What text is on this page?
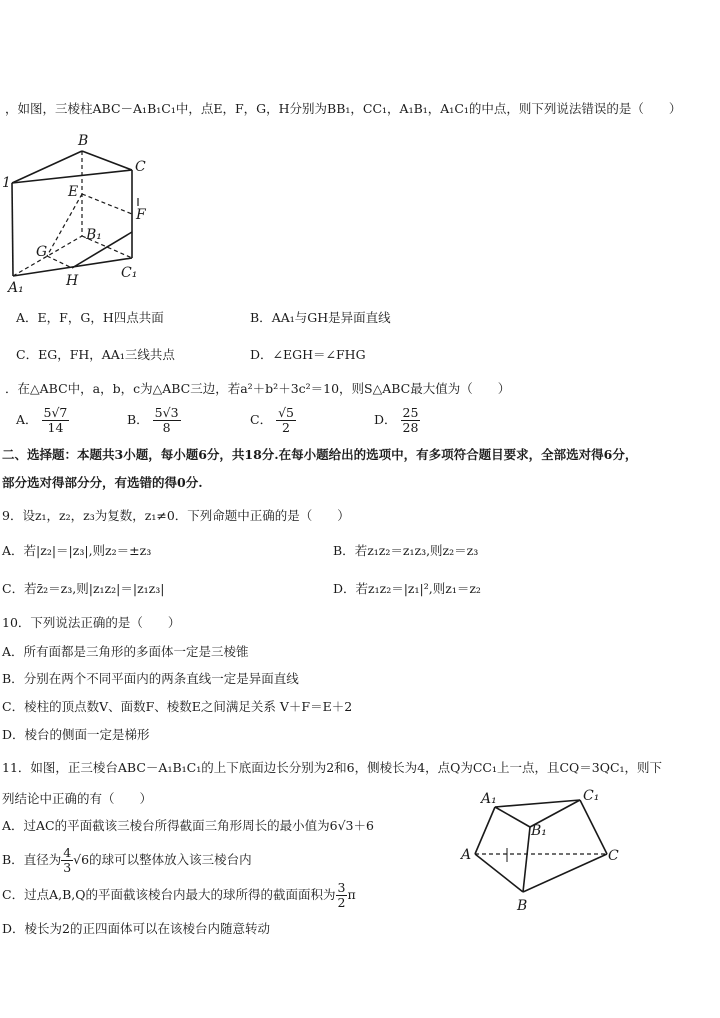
，如图，三棱柱ABC－A₁B₁C₁中，点E，F，G，H分别为BB₁，CC₁，A₁B₁，A₁C₁的中点，则下列说法错误的是（　　）
B
C
1
E
F
B₁
G
C₁
A₁	H
A．E，F，G，H四点共面	B．AA₁与GH是异面直线
C．EG，FH，AA₁三线共点	D．∠EGH＝∠FHG
．在△ABC中，a，b，c为△ABC三边，若a²＋b²＋3c²＝10，则S△ABC最大值为（　　）
A． $\frac{5√7}{14}$	B． $\frac{5√3}{8}$	C． $\frac{√5}{2}$	D． $\frac{25}{28}$
二、选择题：本题共3小题，每小题6分，共18分.在每小题给出的选项中，有多项符合题目要求，全部选对得6分，
部分选对得部分分，有选错的得0分.
9．设z₁，z₂，z₃为复数，z₁≠0．下列命题中正确的是（　　）
A．若|z₂|＝|z₃|,则z₂＝±z₃	B．若z₁z₂＝z₁z₃,则z₂＝z₃
C．若z̄₂＝z₃,则|z₁z₂|＝|z₁z₃|	D．若z₁z₂＝|z₁|²,则z₁＝z₂
10．下列说法正确的是（　　）
A．所有面都是三角形的多面体一定是三棱锥
B．分别在两个不同平面内的两条直线一定是异面直线
C．棱柱的顶点数V、面数F、棱数E之间满足关系 V＋F＝E＋2
D．棱台的侧面一定是梯形
11．如图，正三棱台ABC－A₁B₁C₁的上下底面边长分别为2和6，侧棱长为4，点Q为CC₁上一点，且CQ＝3QC₁，则下
列结论中正确的有（　　）	A₁	C₁
B₁
A	C
B
A．过AC的平面截该三棱台所得截面三角形周长的最小值为6√3＋6
B．直径为 $\frac{4}{3} √6$的球可以整体放入该三棱台内
C．过点A,B,Q的平面截该棱台内最大的球所得的截面面积为 $\frac{3}{2}$ π
D．棱长为2的正四面体可以在该棱台内随意转动
